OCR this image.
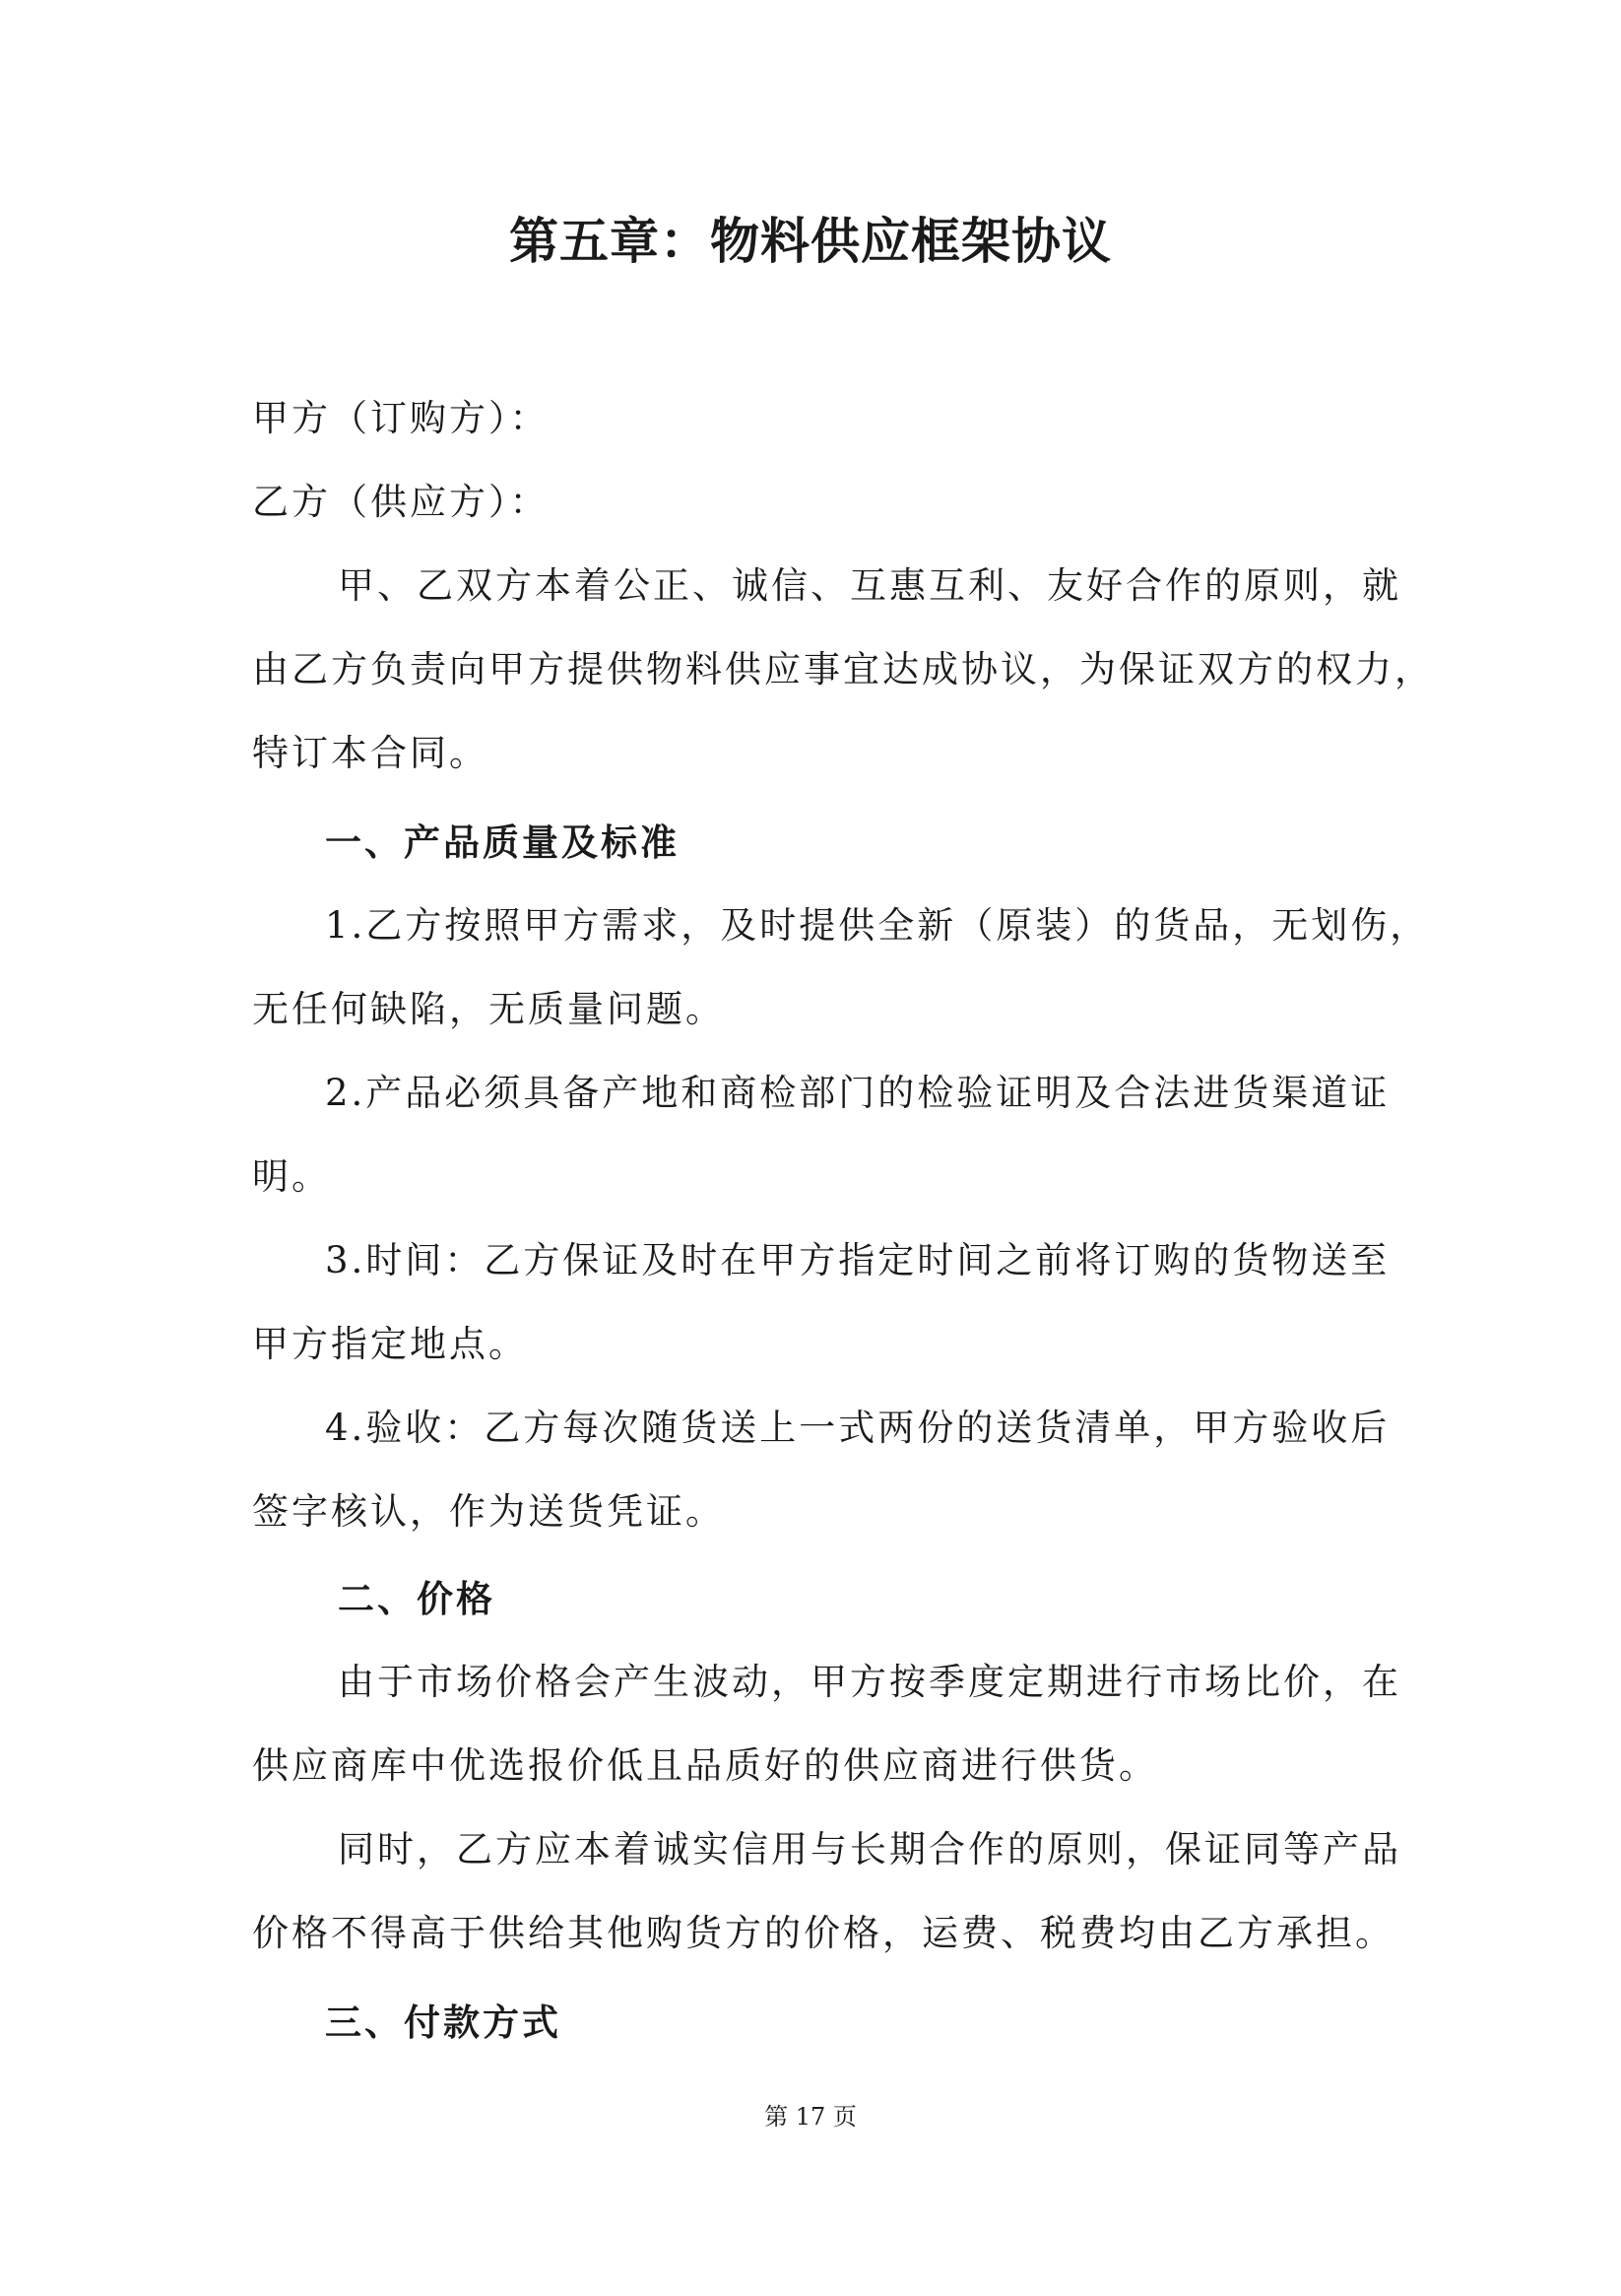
第五章：物料供应框架协议
甲方（订购方）：
乙方（供应方）：
甲、乙双方本着公正、诚信、互惠互利、友好合作的原则，就
由乙方负责向甲方提供物料供应事宜达成协议，为保证双方的权力，
特订本合同。
一、产品质量及标准
1.乙方按照甲方需求，及时提供全新（原装）的货品，无划伤，
无任何缺陷，无质量问题。
2.产品必须具备产地和商检部门的检验证明及合法进货渠道证
明。
3.时间：乙方保证及时在甲方指定时间之前将订购的货物送至
甲方指定地点。
4.验收：乙方每次随货送上一式两份的送货清单，甲方验收后
签字核认，作为送货凭证。
二、价格
由于市场价格会产生波动，甲方按季度定期进行市场比价，在
供应商库中优选报价低且品质好的供应商进行供货。
同时，乙方应本着诚实信用与长期合作的原则，保证同等产品
价格不得高于供给其他购货方的价格，运费、税费均由乙方承担。
三、付款方式
第 17 页
